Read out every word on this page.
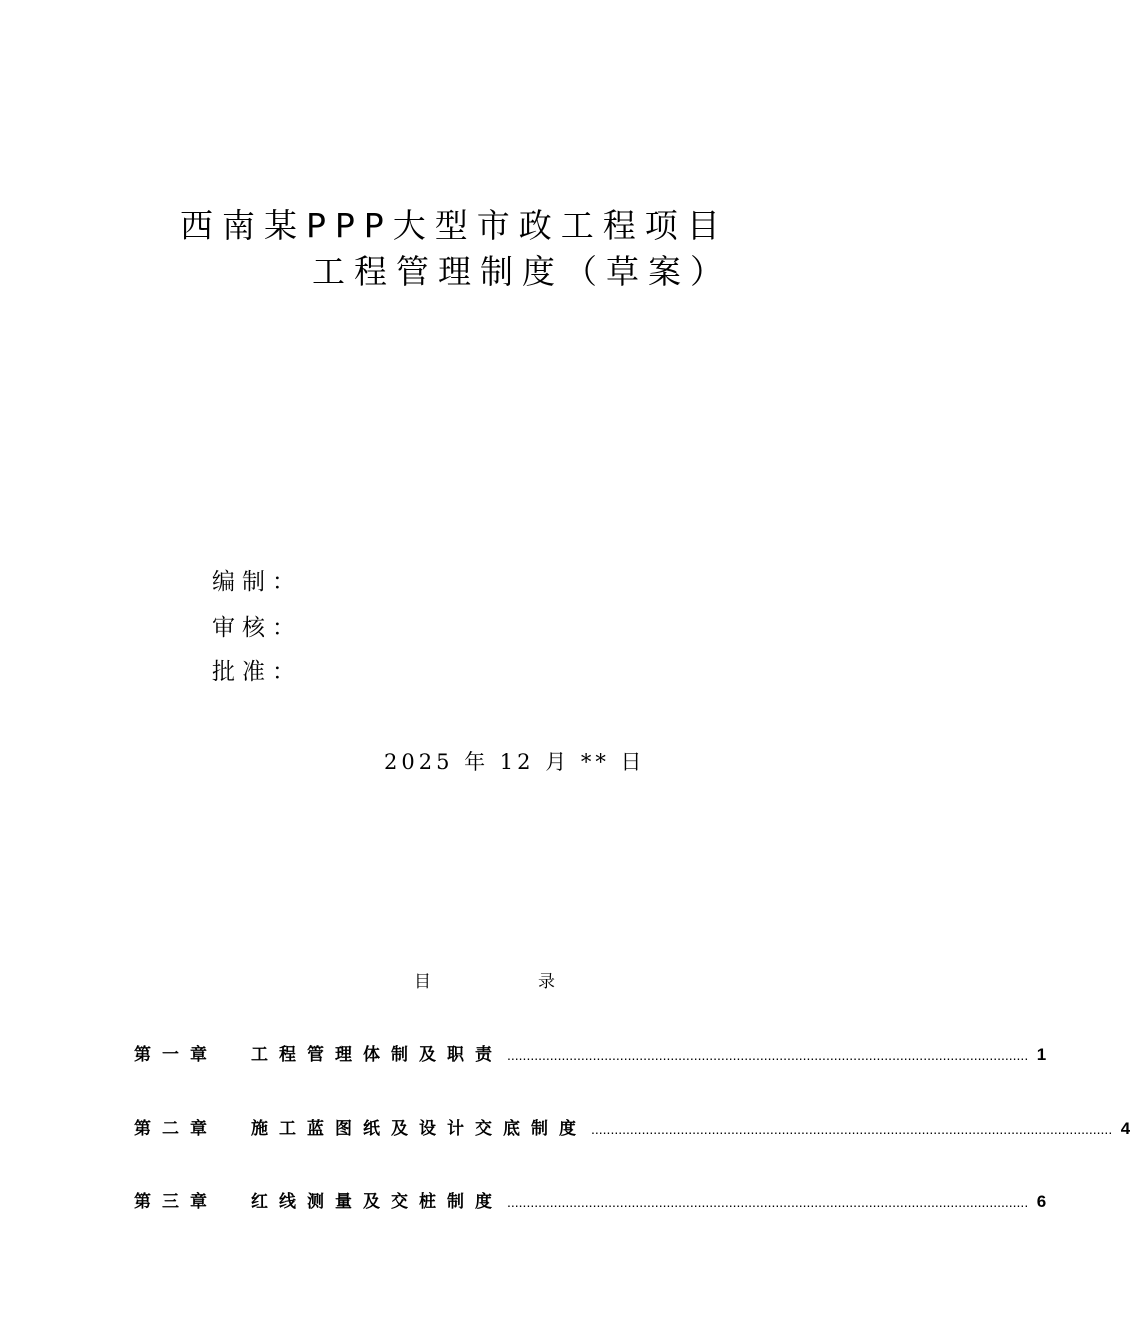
西南某PPP大型市政工程项目
工程管理制度（草案）
编制：
审核：
批准：
2025 年 12 月 ** 日
目录
第一章	工程管理体制及职责 ...................................................................................................................................... 1
第二章	施工蓝图纸及设计交底制度 ...................................................................................................................................... 4
第三章	红线测量及交桩制度 ...................................................................................................................................... 6
